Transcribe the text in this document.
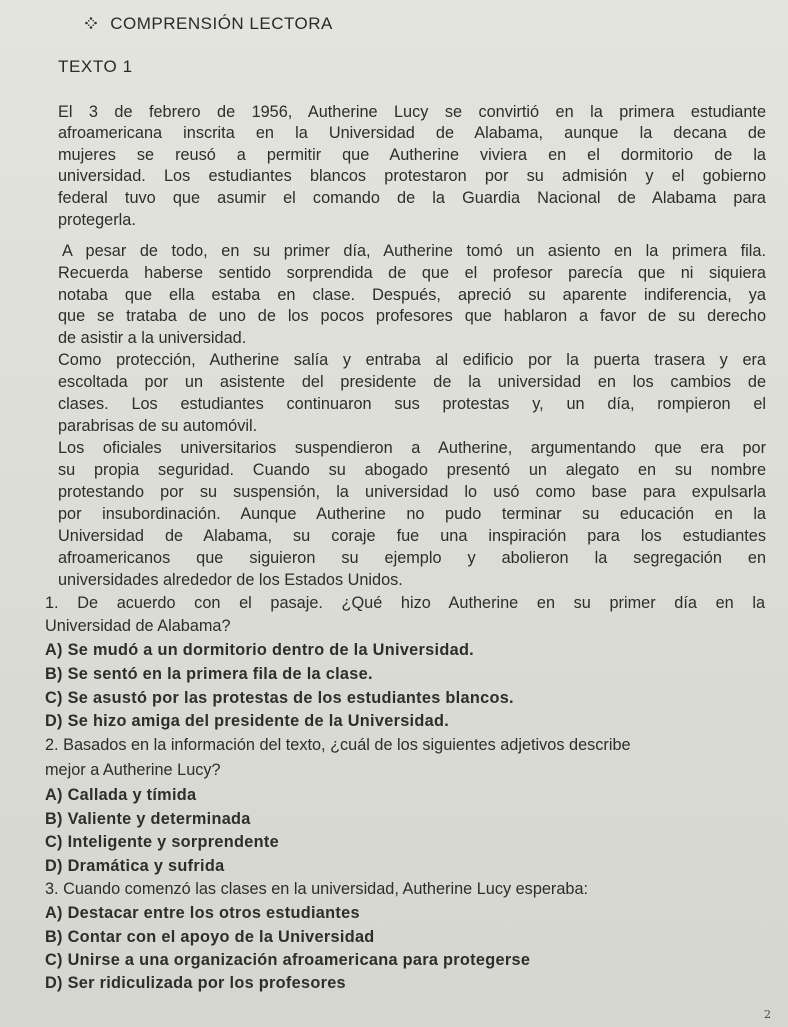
COMPRENSIÓN LECTORA
TEXTO 1
El 3 de febrero de 1956, Autherine Lucy se convirtió en la primera estudiante
afroamericana inscrita en la Universidad de Alabama, aunque la decana de
mujeres se reusó a permitir que Autherine viviera en el dormitorio de la
universidad. Los estudiantes blancos protestaron por su admisión y el gobierno
federal tuvo que asumir el comando de la Guardia Nacional de Alabama para
protegerla.
A pesar de todo, en su primer día, Autherine tomó un asiento en la primera fila.
Recuerda haberse sentido sorprendida de que el profesor parecía que ni siquiera
notaba que ella estaba en clase. Después, apreció su aparente indiferencia, ya
que se trataba de uno de los pocos profesores que hablaron a favor de su derecho
de asistir a la universidad.
Como protección, Autherine salía y entraba al edificio por la puerta trasera y era
escoltada por un asistente del presidente de la universidad en los cambios de
clases. Los estudiantes continuaron sus protestas y, un día, rompieron el
parabrisas de su automóvil.
Los oficiales universitarios suspendieron a Autherine, argumentando que era por
su propia seguridad. Cuando su abogado presentó un alegato en su nombre
protestando por su suspensión, la universidad lo usó como base para expulsarla
por insubordinación. Aunque Autherine no pudo terminar su educación en la
Universidad de Alabama, su coraje fue una inspiración para los estudiantes
afroamericanos que siguieron su ejemplo y abolieron la segregación en
universidades alrededor de los Estados Unidos.
1. De acuerdo con el pasaje. ¿Qué hizo Autherine en su primer día en la
Universidad de Alabama?
A) Se mudó a un dormitorio dentro de la Universidad.
B) Se sentó en la primera fila de la clase.
C) Se asustó por las protestas de los estudiantes blancos.
D) Se hizo amiga del presidente de la Universidad.
2. Basados en la información del texto, ¿cuál de los siguientes adjetivos describe
mejor a Autherine Lucy?
A) Callada y tímida
B) Valiente y determinada
C) Inteligente y sorprendente
D) Dramática y sufrida
3. Cuando comenzó las clases en la universidad, Autherine Lucy esperaba:
A) Destacar entre los otros estudiantes
B) Contar con el apoyo de la Universidad
C) Unirse a una organización afroamericana para protegerse
D) Ser ridiculizada por los profesores
2
